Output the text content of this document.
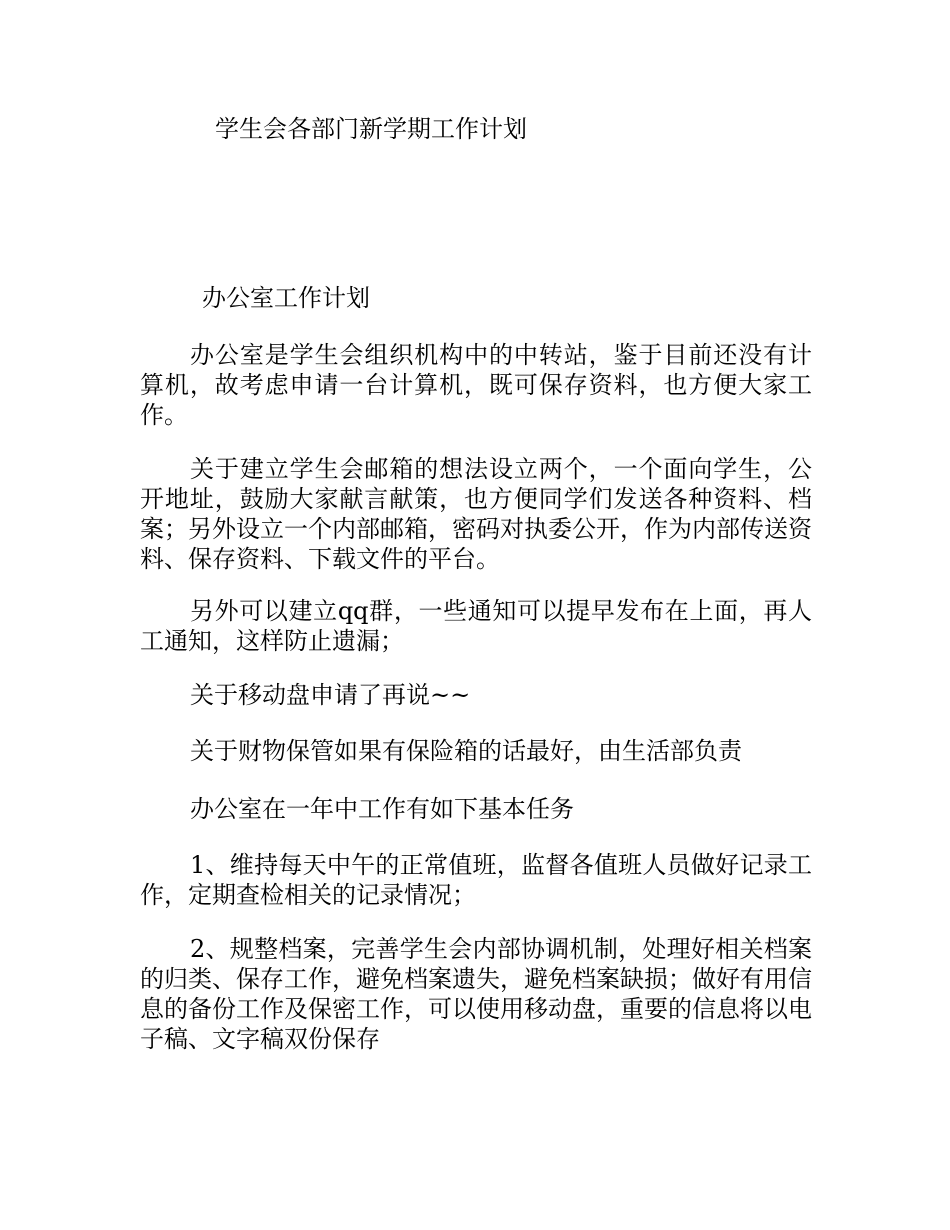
学生会各部门新学期工作计划
办公室工作计划

办公室是学生会组织机构中的中转站，鉴于目前还没有计算机，故考虑申请一台计算机，既可保存资料，也方便大家工作。

关于建立学生会邮箱的想法设立两个，一个面向学生，公开地址，鼓励大家献言献策，也方便同学们发送各种资料、档案；另外设立一个内部邮箱，密码对执委公开，作为内部传送资料、保存资料、下载文件的平台。

另外可以建立qq群，一些通知可以提早发布在上面，再人工通知，这样防止遗漏；

关于移动盘申请了再说~~

关于财物保管如果有保险箱的话最好，由生活部负责

办公室在一年中工作有如下基本任务

1、维持每天中午的正常值班，监督各值班人员做好记录工作，定期查检相关的记录情况；

2、规整档案，完善学生会内部协调机制，处理好相关档案的归类、保存工作，避免档案遗失，避免档案缺损；做好有用信息的备份工作及保密工作，可以使用移动盘，重要的信息将以电子稿、文字稿双份保存
